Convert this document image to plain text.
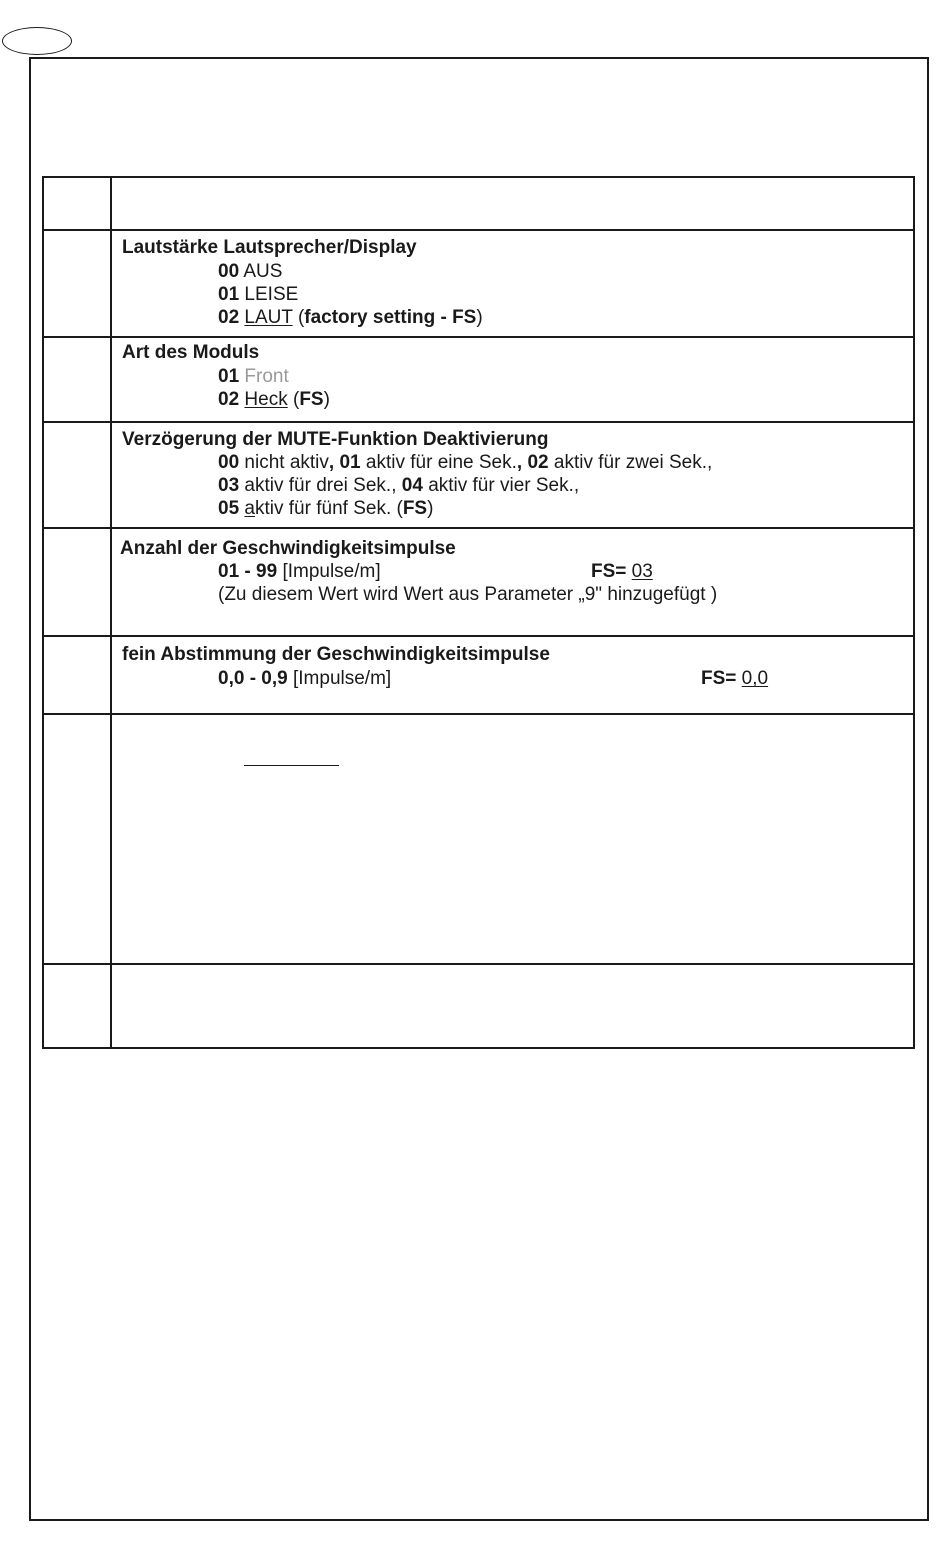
Lautstärke Lautsprecher/Display
00 AUS
01 LEISE
02 LAUT (factory setting - FS)
Art des Moduls
01 Front
02 Heck (FS)
Verzögerung der MUTE-Funktion Deaktivierung
00 nicht aktiv, 01 aktiv für eine Sek., 02 aktiv für zwei Sek.,
03 aktiv für drei Sek., 04 aktiv für vier Sek.,
05 aktiv für fünf Sek. (FS)
Anzahl der Geschwindigkeitsimpulse
01 - 99 [Impulse/m]	FS= 03
(Zu diesem Wert wird Wert aus Parameter „9" hinzugefügt )
fein Abstimmung der Geschwindigkeitsimpulse
0,0 - 0,9 [Impulse/m]	FS= 0,0
